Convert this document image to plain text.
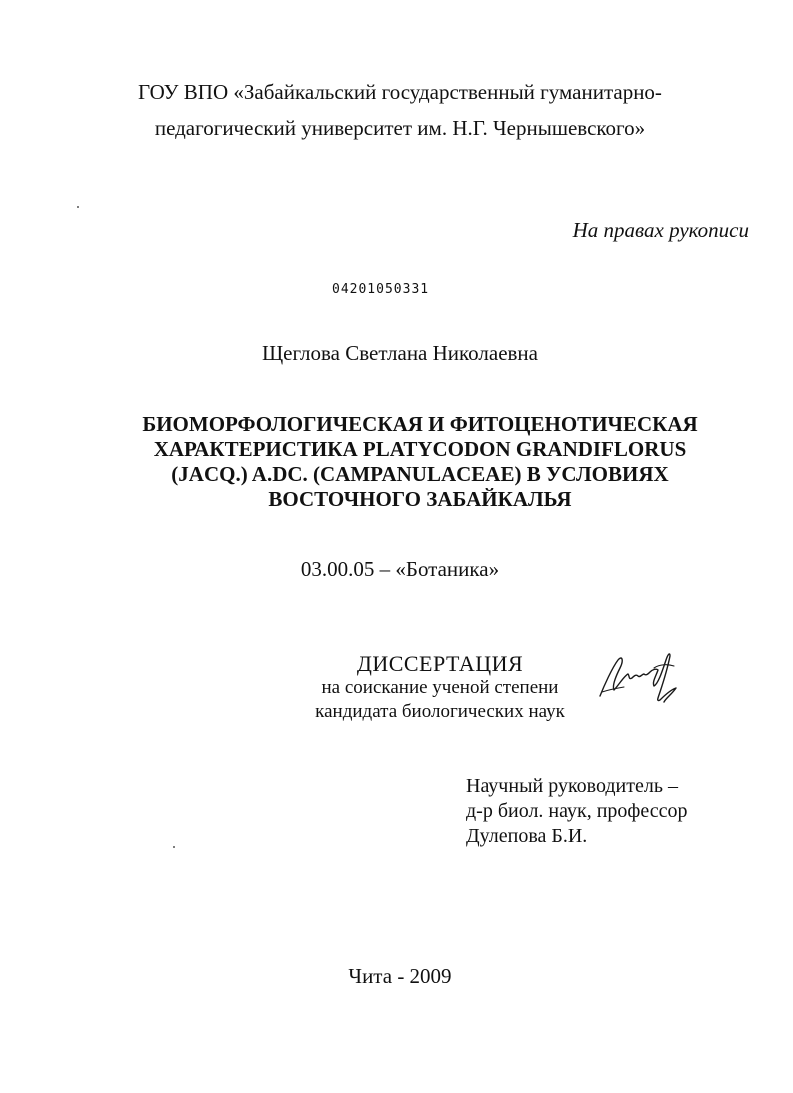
ГОУ ВПО «Забайкальский государственный гуманитарно-
педагогический университет им. Н.Г. Чернышевского»
На правах рукописи
04201050331
Щеглова Светлана Николаевна
БИОМОРФОЛОГИЧЕСКАЯ И ФИТОЦЕНОТИЧЕСКАЯ
ХАРАКТЕРИСТИКА PLATYCODON GRANDIFLORUS
(JACQ.) A.DC. (CAMPANULACEAE) В УСЛОВИЯХ
ВОСТОЧНОГО ЗАБАЙКАЛЬЯ
03.00.05 – «Ботаника»
ДИССЕРТАЦИЯ
на соискание ученой степени
кандидата биологических наук
Научный руководитель –
д-р биол. наук, профессор
Дулепова Б.И.
Чита - 2009
